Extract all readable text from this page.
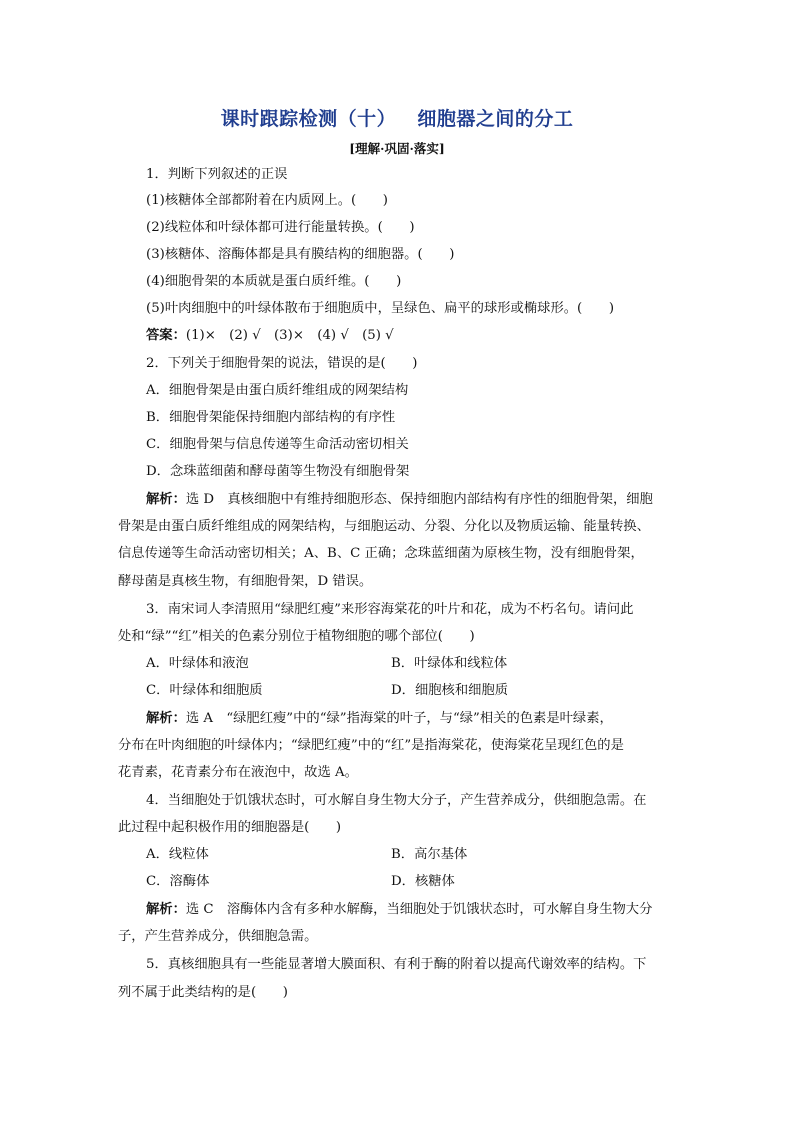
课时跟踪检测（十）   细胞器之间的分工
[理解·巩固·落实]
1．判断下列叙述的正误
(1)核糖体全部都附着在内质网上。(　　)
(2)线粒体和叶绿体都可进行能量转换。(　　)
(3)核糖体、溶酶体都是具有膜结构的细胞器。(　　)
(4)细胞骨架的本质就是蛋白质纤维。(　　)
(5)叶肉细胞中的叶绿体散布于细胞质中，呈绿色、扁平的球形或椭球形。(　　)
答案：(1)×　(2) √　(3)×　(4) √　(5) √
2．下列关于细胞骨架的说法，错误的是(　　)
A．细胞骨架是由蛋白质纤维组成的网架结构
B．细胞骨架能保持细胞内部结构的有序性
C．细胞骨架与信息传递等生命活动密切相关
D．念珠蓝细菌和酵母菌等生物没有细胞骨架
解析：选 D　真核细胞中有维持细胞形态、保持细胞内部结构有序性的细胞骨架，细胞
骨架是由蛋白质纤维组成的网架结构，与细胞运动、分裂、分化以及物质运输、能量转换、
信息传递等生命活动密切相关；A、B、C 正确；念珠蓝细菌为原核生物，没有细胞骨架，
酵母菌是真核生物，有细胞骨架，D 错误。
3．南宋词人李清照用“绿肥红瘦”来形容海棠花的叶片和花，成为不朽名句。请问此
处和“绿”“红”相关的色素分别位于植物细胞的哪个部位(　　)
A．叶绿体和液泡	B．叶绿体和线粒体
C．叶绿体和细胞质	D．细胞核和细胞质
解析：选 A　“绿肥红瘦”中的“绿”指海棠的叶子，与“绿”相关的色素是叶绿素，
分布在叶肉细胞的叶绿体内；“绿肥红瘦”中的“红”是指海棠花，使海棠花呈现红色的是
花青素，花青素分布在液泡中，故选 A。
4．当细胞处于饥饿状态时，可水解自身生物大分子，产生营养成分，供细胞急需。在
此过程中起积极作用的细胞器是(　　)
A．线粒体	B．高尔基体
C．溶酶体	D．核糖体
解析：选 C　溶酶体内含有多种水解酶，当细胞处于饥饿状态时，可水解自身生物大分
子，产生营养成分，供细胞急需。
5．真核细胞具有一些能显著增大膜面积、有利于酶的附着以提高代谢效率的结构。下
列不属于此类结构的是(　　)
